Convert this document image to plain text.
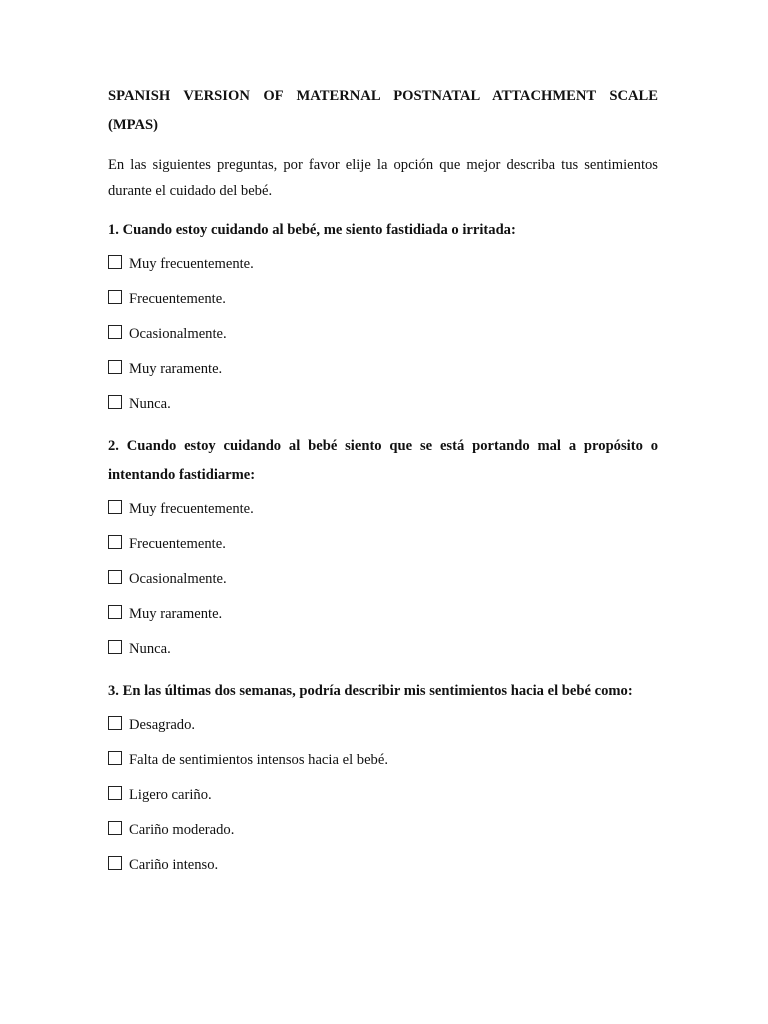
SPANISH VERSION OF MATERNAL POSTNATAL ATTACHMENT SCALE (MPAS)

En las siguientes preguntas, por favor elije la opción que mejor describa tus sentimientos durante el cuidado del bebé.

1. Cuando estoy cuidando al bebé, me siento fastidiada o irritada:

Muy frecuentemente.
Frecuentemente.
Ocasionalmente.
Muy raramente.
Nunca.

2. Cuando estoy cuidando al bebé siento que se está portando mal a propósito o intentando fastidiarme:

Muy frecuentemente.
Frecuentemente.
Ocasionalmente.
Muy raramente.
Nunca.

3. En las últimas dos semanas, podría describir mis sentimientos hacia el bebé como:

Desagrado.
Falta de sentimientos intensos hacia el bebé.
Ligero cariño.
Cariño moderado.
Cariño intenso.
